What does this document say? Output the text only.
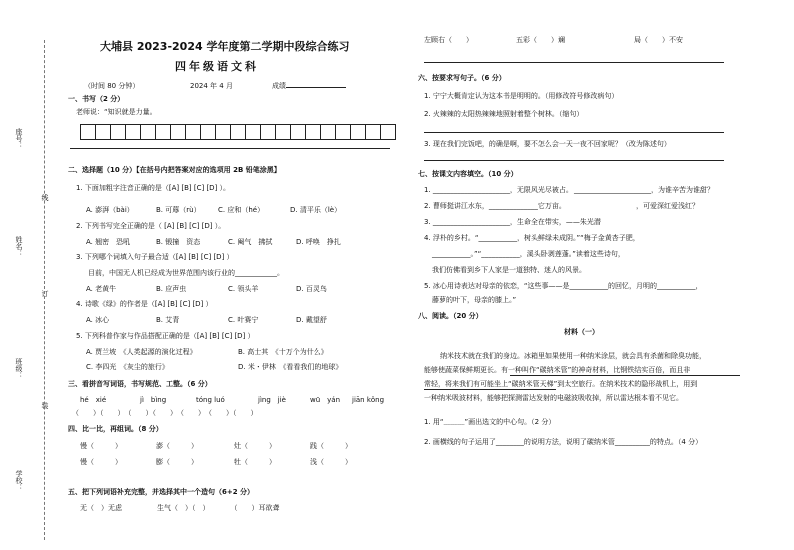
座号：
姓名：
班级：
学校：
线
订
装
大埔县 2023-2024 学年度第二学期中段综合练习
四年级语文科
（时间 80 分钟）	2024 年 4 月	成绩
一、书写（2 分）
老师说：“知识就是力量。
二、选择题（10 分）【在括号内把答案对应的选项用 2B 铅笔涂黑】
1. 下面加粗字注音正确的是（[A] [B] [C] [D] ）。
A. 澎湃（bài）	B. 可蓐（rù） C. 应和（hé）	D. 清平乐（lè）
2. 下列书写完全正确的是（ [A] [B] [C] [D] ）。
A. 翘密　恐吼	B. 锻撞　资态	C. 阉气　拂拭	D. 呼唤　挣扎
3. 下列哪个词填入句子最合适（[A] [B] [C] [D] ）
目前，中国无人机已经成为世界范围内该行业的____________。
A. 老黄牛	B. 应声虫	C. 领头羊	D. 百灵鸟
4. 诗歌《绿》的作者是（[A] [B] [C] [D] ）
A. 冰心	B. 艾青	C. 叶赛宁	D. 戴望舒
5. 下列科普作家与作品搭配正确的是（[A] [B] [C] [D] ）
A. 贾兰坡　《人类起源的演化过程》	B. 高士其　《十万个为什么》
C. 李四光　《灰尘的旅行》	D. 米・伊林　《看看我们的地球》
三、看拼音写词语，书写规范、工整。（6 分）
hé　xié	jì　bìng	tóng luó	jìng　jiè	wū　yán jiān kǒng
（　　）（　　）　（　　）（　　）　（　　）　（　　）（　　）
四、比一比，再组词。（8 分）
慢（　　　）	澎（　　　）	灶（　　　）	践（　　　）
慢（　　　）	膨（　　　）	牡（　　　）	浅（　　　）
五、把下列词语补充完整，并选择其中一个造句（6+2 分）
无（　）无虑　　　　　生气（　）（　）　　　　（　　）耳欲聋
左顾右（　　）	五彩（　　）斓	局（　　）不安
六、按要求写句子。（6 分）
1. 宁宁大概肯定认为这本书是明明的。（用修改符号修改病句）
2. 火辣辣的太阳热辣辣地照射着整个树林。（缩句）
3. 现在我们完饭吧，的确是啊，要不怎么会一天一夜不回家呢？（改为陈述句）
七、按课文内容填空。（10 分）
1. ______________________，无限风光尽被占。 ______________________，为谁辛苦为谁甜？
2. 曹师挺讲江水东，______________它万亩。	，可爱深红爱浅红？
3. ______________________，生命全在带实，——朱光潜
4. 浮朴的乡村。“___________，树头鲜绿未成阴。”“梅子金黄杏子肥，
___________。”“___________，溪头卧剥莲蓬。”读着这些诗句，
我们仿佛看到乡下人家是一道独特、迷人的风景。
5. 冰心用诗表达对母亲的依恋，“这些事——是___________的回忆，月明的___________，
藤萝的叶下，母亲的膝上。”
八、阅读。（20 分）
材料（一）
纳米技术就在我们的身边。冰箱里如果使用一种纳米涂层，就会具有杀菌和除臭功能，
能够使蔬菜保鲜期更长。有一种叫作“碳纳米管”的神奇材料，比钢铁结实百倍，而且非
常轻，将来我们有可能坐上“碳纳米管天梯”到太空旅行。在纳米技术的隐形战机上，用到
一种纳米吸波材料，能够把探测雷达发射的电磁波吸收掉，所以雷达根本看不见它。
1. 用“﹏﹏﹏”画出选文的中心句。（2 分）
2. 画横线的句子运用了________的说明方法，说明了碳纳米管__________的特点。（4 分）
